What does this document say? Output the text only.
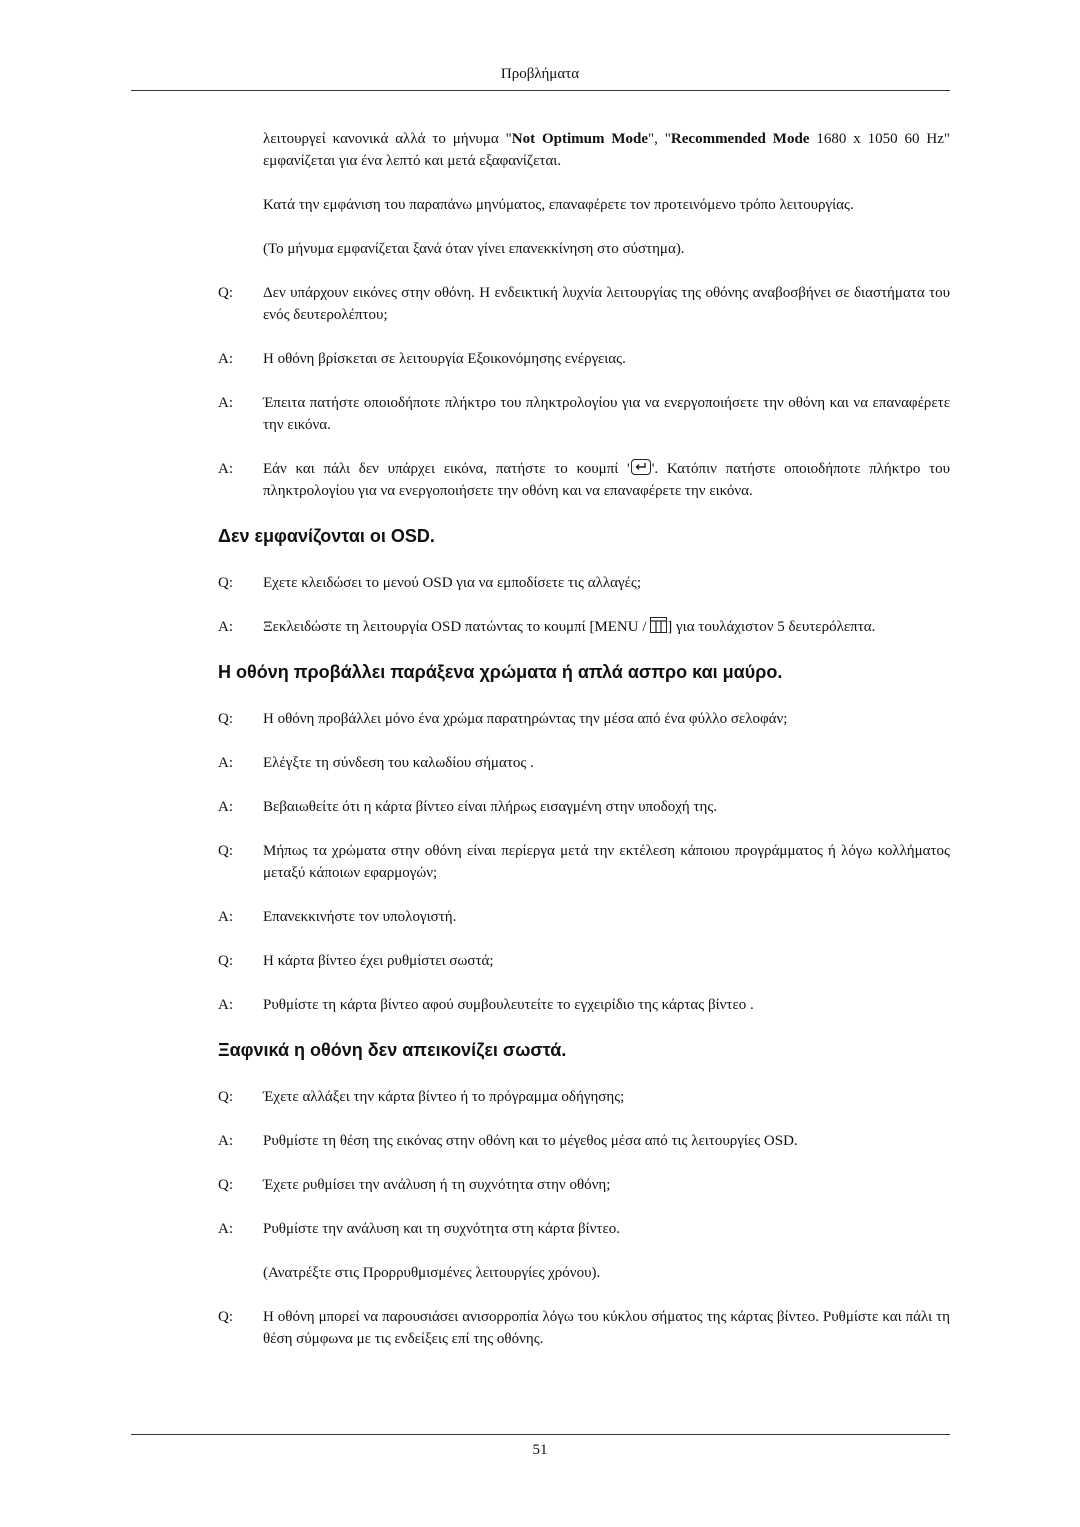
Προβλήματα

λειτουργεί κανονικά αλλά το μήνυμα "Not Optimum Mode", "Recommended Mode 1680 x 1050 60 Hz" εμφανίζεται για ένα λεπτό και μετά εξαφανίζεται.

Κατά την εμφάνιση του παραπάνω μηνύματος, επαναφέρετε τον προτεινόμενο τρόπο λειτουργίας.

(Το μήνυμα εμφανίζεται ξανά όταν γίνει επανεκκίνηση στο σύστημα).

Q: Δεν υπάρχουν εικόνες στην οθόνη. Η ενδεικτική λυχνία λειτουργίας της οθόνης αναβοσβήνει σε διαστήματα του ενός δευτερολέπτου;
A: Η οθόνη βρίσκεται σε λειτουργία Εξοικονόμησης ενέργειας.
A: Έπειτα πατήστε οποιοδήποτε πλήκτρο του πληκτρολογίου για να ενεργοποιήσετε την οθόνη και να επαναφέρετε την εικόνα.
A: Εάν και πάλι δεν υπάρχει εικόνα, πατήστε το κουμπί ' '. Κατόπιν πατήστε οποιοδήποτε πλήκτρο του πληκτρολογίου για να ενεργοποιήσετε την οθόνη και να επαναφέρετε την εικόνα.
Δεν εμφανίζονται οι OSD.
Q: Εχετε κλειδώσει το μενού OSD για να εμποδίσετε τις αλλαγές;
A: Ξεκλειδώστε τη λειτουργία OSD πατώντας το κουμπί [MENU /
] για τουλάχιστον 5 δευτερόλεπτα.
Η οθόνη προβάλλει παράξενα χρώματα ή απλά ασπρο και μαύρο.
Q: Η οθόνη προβάλλει μόνο ένα χρώμα παρατηρώντας την μέσα από ένα φύλλο σελοφάν;
A: Ελέγξτε τη σύνδεση του καλωδίου σήματος .
A: Βεβαιωθείτε ότι η κάρτα βίντεο είναι πλήρως εισαγμένη στην υποδοχή της.
Q: Μήπως τα χρώματα στην οθόνη είναι περίεργα μετά την εκτέλεση κάποιου προγράμματος ή λόγω κολλήματος μεταξύ κάποιων εφαρμογών;
A: Επανεκκινήστε τον υπολογιστή.
Q: Η κάρτα βίντεο έχει ρυθμίστει σωστά;
A: Ρυθμίστε τη κάρτα βίντεο αφού συμβουλευτείτε το εγχειρίδιο της κάρτας βίντεο .
Ξαφνικά η οθόνη δεν απεικονίζει σωστά.
Q: Έχετε αλλάξει την κάρτα βίντεο ή το πρόγραμμα οδήγησης;
A: Ρυθμίστε τη θέση της εικόνας στην οθόνη και το μέγεθος μέσα από τις λειτουργίες OSD.
Q: Έχετε ρυθμίσει την ανάλυση ή τη συχνότητα στην οθόνη;
A: Ρυθμίστε την ανάλυση και τη συχνότητα στη κάρτα βίντεο.

(Ανατρέξτε στις Προρρυθμισμένες λειτουργίες χρόνου).

Q: Η οθόνη μπορεί να παρουσιάσει ανισορροπία λόγω του κύκλου σήματος της κάρτας βίντεο. Ρυθμίστε και πάλι τη θέση σύμφωνα με τις ενδείξεις επί της οθόνης.
51
